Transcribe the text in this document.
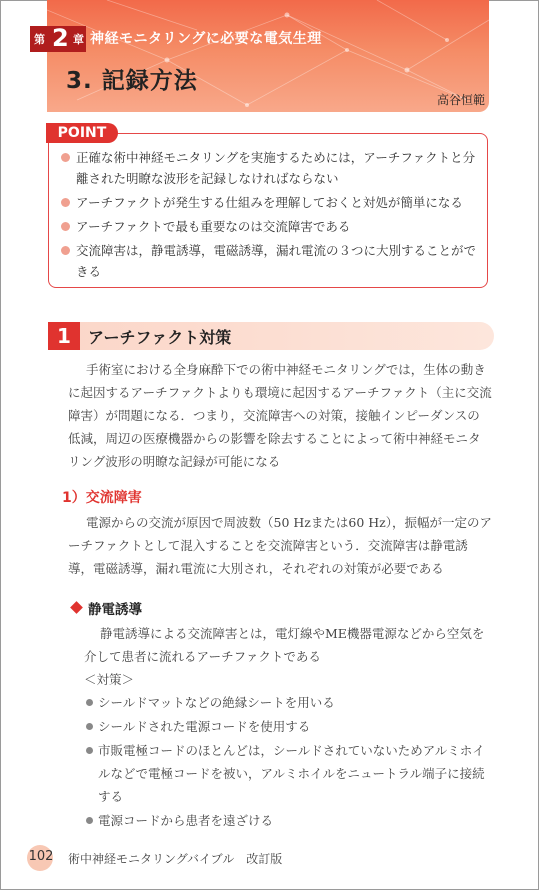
第 2 章 神経モニタリングに必要な電気生理
3. 記録方法
高谷恒範
POINT
正確な術中神経モニタリングを実施するためには，アーチファクトと分離された明瞭な波形を記録しなければならない
アーチファクトが発生する仕組みを理解しておくと対処が簡単になる
アーチファクトで最も重要なのは交流障害である
交流障害は，静電誘導，電磁誘導，漏れ電流の３つに大別することができる
1	アーチファクト対策
手術室における全身麻酔下での術中神経モニタリングでは，生体の動きに起因するアーチファクトよりも環境に起因するアーチファクト（主に交流障害）が問題になる．つまり，交流障害への対策，接触インピーダンスの低減，周辺の医療機器からの影響を除去することによって術中神経モニタリング波形の明瞭な記録が可能になる
1）交流障害
電源からの交流が原因で周波数（50 Hzまたは60 Hz），振幅が一定のアーチファクトとして混入することを交流障害という．交流障害は静電誘導，電磁誘導，漏れ電流に大別され，それぞれの対策が必要である
静電誘導
静電誘導による交流障害とは，電灯線やME機器電源などから空気を介して患者に流れるアーチファクトである
＜対策＞
シールドマットなどの絶縁シートを用いる
シールドされた電源コードを使用する
市販電極コードのほとんどは，シールドされていないためアルミホイルなどで電極コードを被い，アルミホイルをニュートラル端子に接続する
電源コードから患者を遠ざける
102 術中神経モニタリングバイブル　改訂版
